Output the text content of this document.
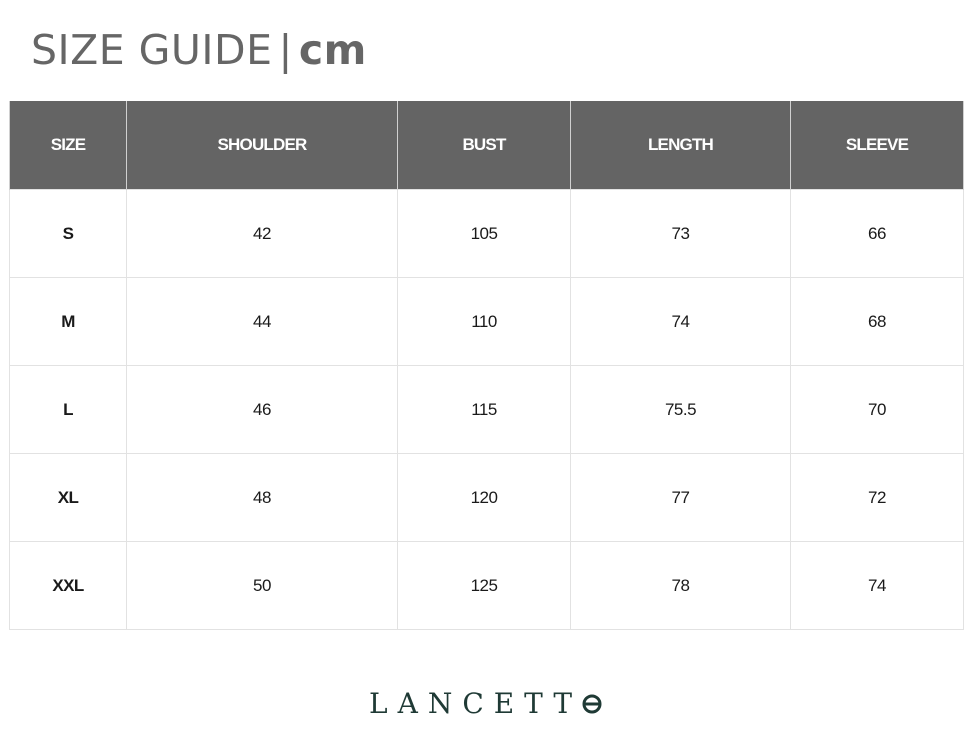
SIZE GUIDE | cm
SIZE	SHOULDER	BUST	LENGTH	SLEEVE
S	42	105	73	66
M	44	110	74	68
L	46	115	75.5	70
XL	48	120	77	72
XXL	50	125	78	74
LANCETT
